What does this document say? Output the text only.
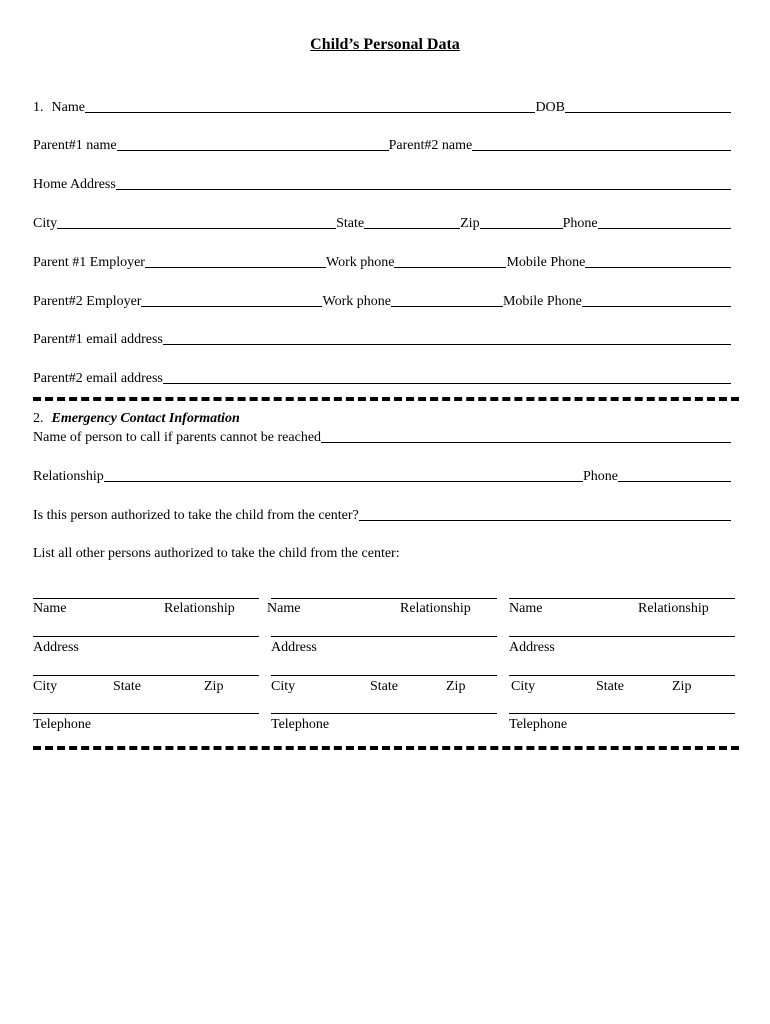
Child’s Personal Data
1. Name	DOB
Parent#1 name	Parent#2 name
Home Address
City	State	Zip	Phone
Parent #1 Employer	Work phone	Mobile Phone
Parent#2 Employer	Work phone	Mobile Phone
Parent#1 email address
Parent#2 email address
2. Emergency Contact Information
Name of person to call if parents cannot be reached
Relationship	Phone
Is this person authorized to take the child from the center?
List all other persons authorized to take the child from the center:
Name	Relationship
Address
City	State	Zip
Telephone
Name	Relationship
Address
City	State	Zip
Telephone
Name	Relationship
Address
City	State	Zip
Telephone
